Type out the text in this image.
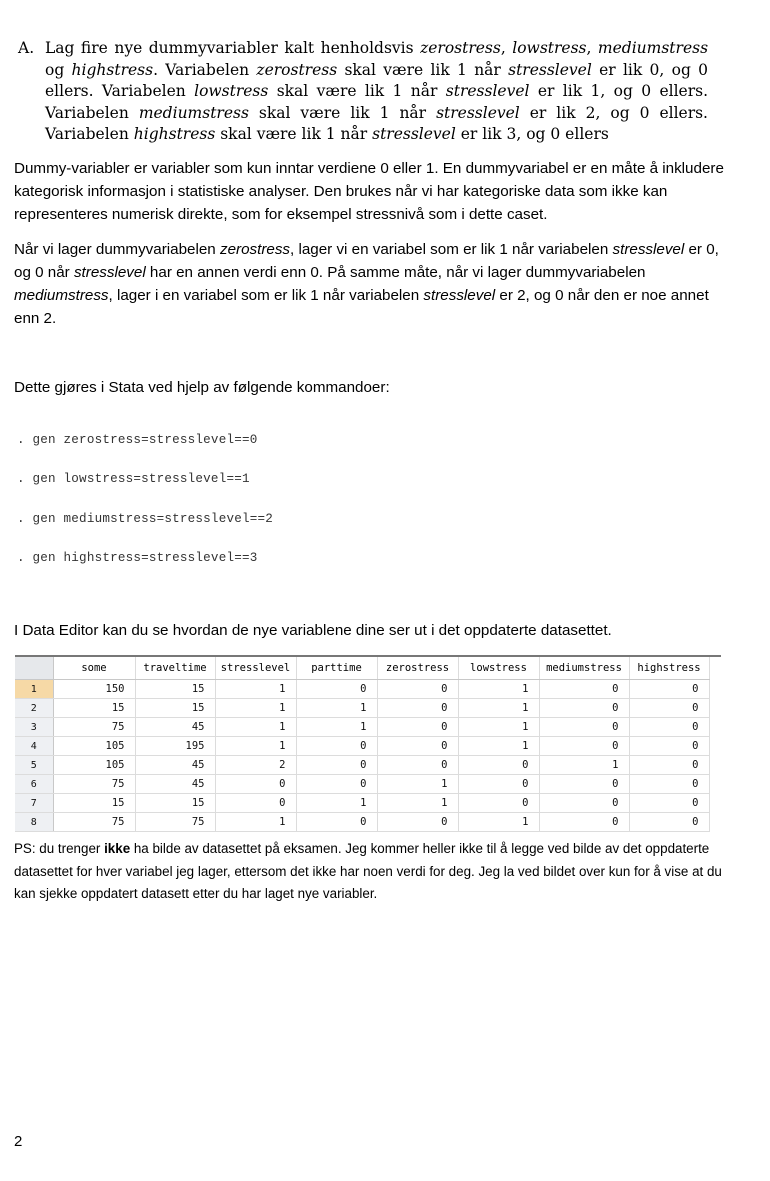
A. Lag fire nye dummyvariabler kalt henholdsvis zerostress, lowstress, mediumstress og highstress. Variabelen zerostress skal være lik 1 når stresslevel er lik 0, og 0 ellers. Variabelen lowstress skal være lik 1 når stresslevel er lik 1, og 0 ellers. Variabelen mediumstress skal være lik 1 når stresslevel er lik 2, og 0 ellers. Variabelen highstress skal være lik 1 når stresslevel er lik 3, og 0 ellers
Dummy-variabler er variabler som kun inntar verdiene 0 eller 1. En dummyvariabel er en måte å inkludere kategorisk informasjon i statistiske analyser. Den brukes når vi har kategoriske data som ikke kan representeres numerisk direkte, som for eksempel stressnivå som i dette caset.
Når vi lager dummyvariabelen zerostress, lager vi en variabel som er lik 1 når variabelen stresslevel er 0, og 0 når stresslevel har en annen verdi enn 0. På samme måte, når vi lager dummyvariabelen mediumstress, lager i en variabel som er lik 1 når variabelen stresslevel er 2, og 0 når den er noe annet enn 2.
Dette gjøres i Stata ved hjelp av følgende kommandoer:
. gen zerostress=stresslevel==0
. gen lowstress=stresslevel==1
. gen mediumstress=stresslevel==2
. gen highstress=stresslevel==3
I Data Editor kan du se hvordan de nye variablene dine ser ut i det oppdaterte datasettet.
	some	traveltime	stresslevel	parttime	zerostress	lowstress	mediumstress	highstress
1	150	15	1	0	0	1	0	0
2	15	15	1	1	0	1	0	0
3	75	45	1	1	0	1	0	0
4	105	195	1	0	0	1	0	0
5	105	45	2	0	0	0	1	0
6	75	45	0	0	1	0	0	0
7	15	15	0	1	1	0	0	0
8	75	75	1	0	0	1	0	0
PS: du trenger ikke ha bilde av datasettet på eksamen. Jeg kommer heller ikke til å legge ved bilde av det oppdaterte datasettet for hver variabel jeg lager, ettersom det ikke har noen verdi for deg. Jeg la ved bildet over kun for å vise at du kan sjekke oppdatert datasett etter du har laget nye variabler.
2
